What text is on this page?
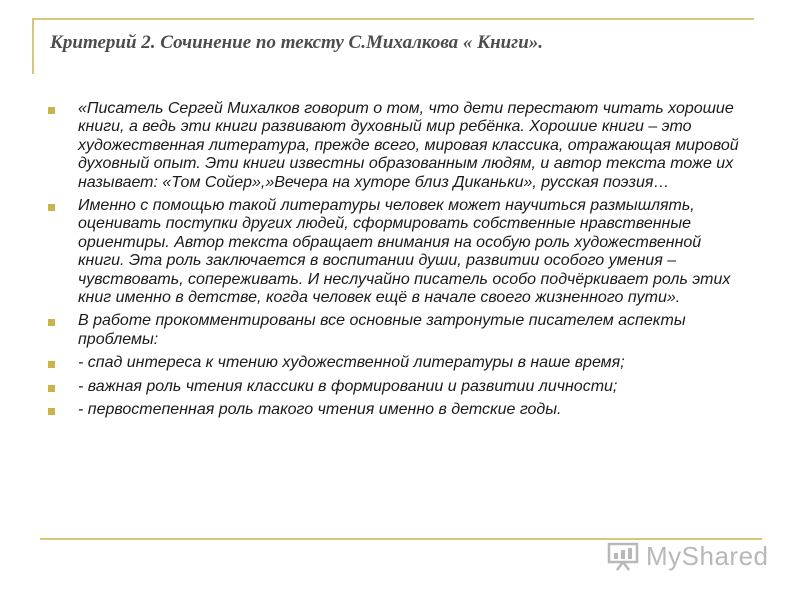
Критерий 2. Сочинение по тексту С.Михалкова « Книги».
«Писатель Сергей Михалков говорит о том, что дети перестают читать хорошие книги, а ведь эти книги развивают духовный мир ребёнка. Хорошие книги – это художественная литература, прежде всего, мировая классика, отражающая мировой духовный опыт. Эти книги известны образованным людям, и автор текста тоже их называет: «Том Сойер»,»Вечера на хуторе близ Диканьки», русская поэзия…
Именно с помощью такой литературы человек может научиться размышлять, оценивать поступки других людей, сформировать собственные нравственные ориентиры. Автор текста обращает внимания на особую роль художественной книги. Эта роль заключается в воспитании души, развитии особого умения – чувствовать, сопереживать. И неслучайно писатель особо подчёркивает роль этих книг именно в детстве, когда человек ещё в начале своего жизненного пути».
В работе прокомментированы все основные затронутые писателем аспекты проблемы:
- спад интереса к чтению художественной литературы в наше время;
- важная роль чтения классики в формировании и развитии личности;
- первостепенная роль такого чтения именно в детские годы.
MyShared
